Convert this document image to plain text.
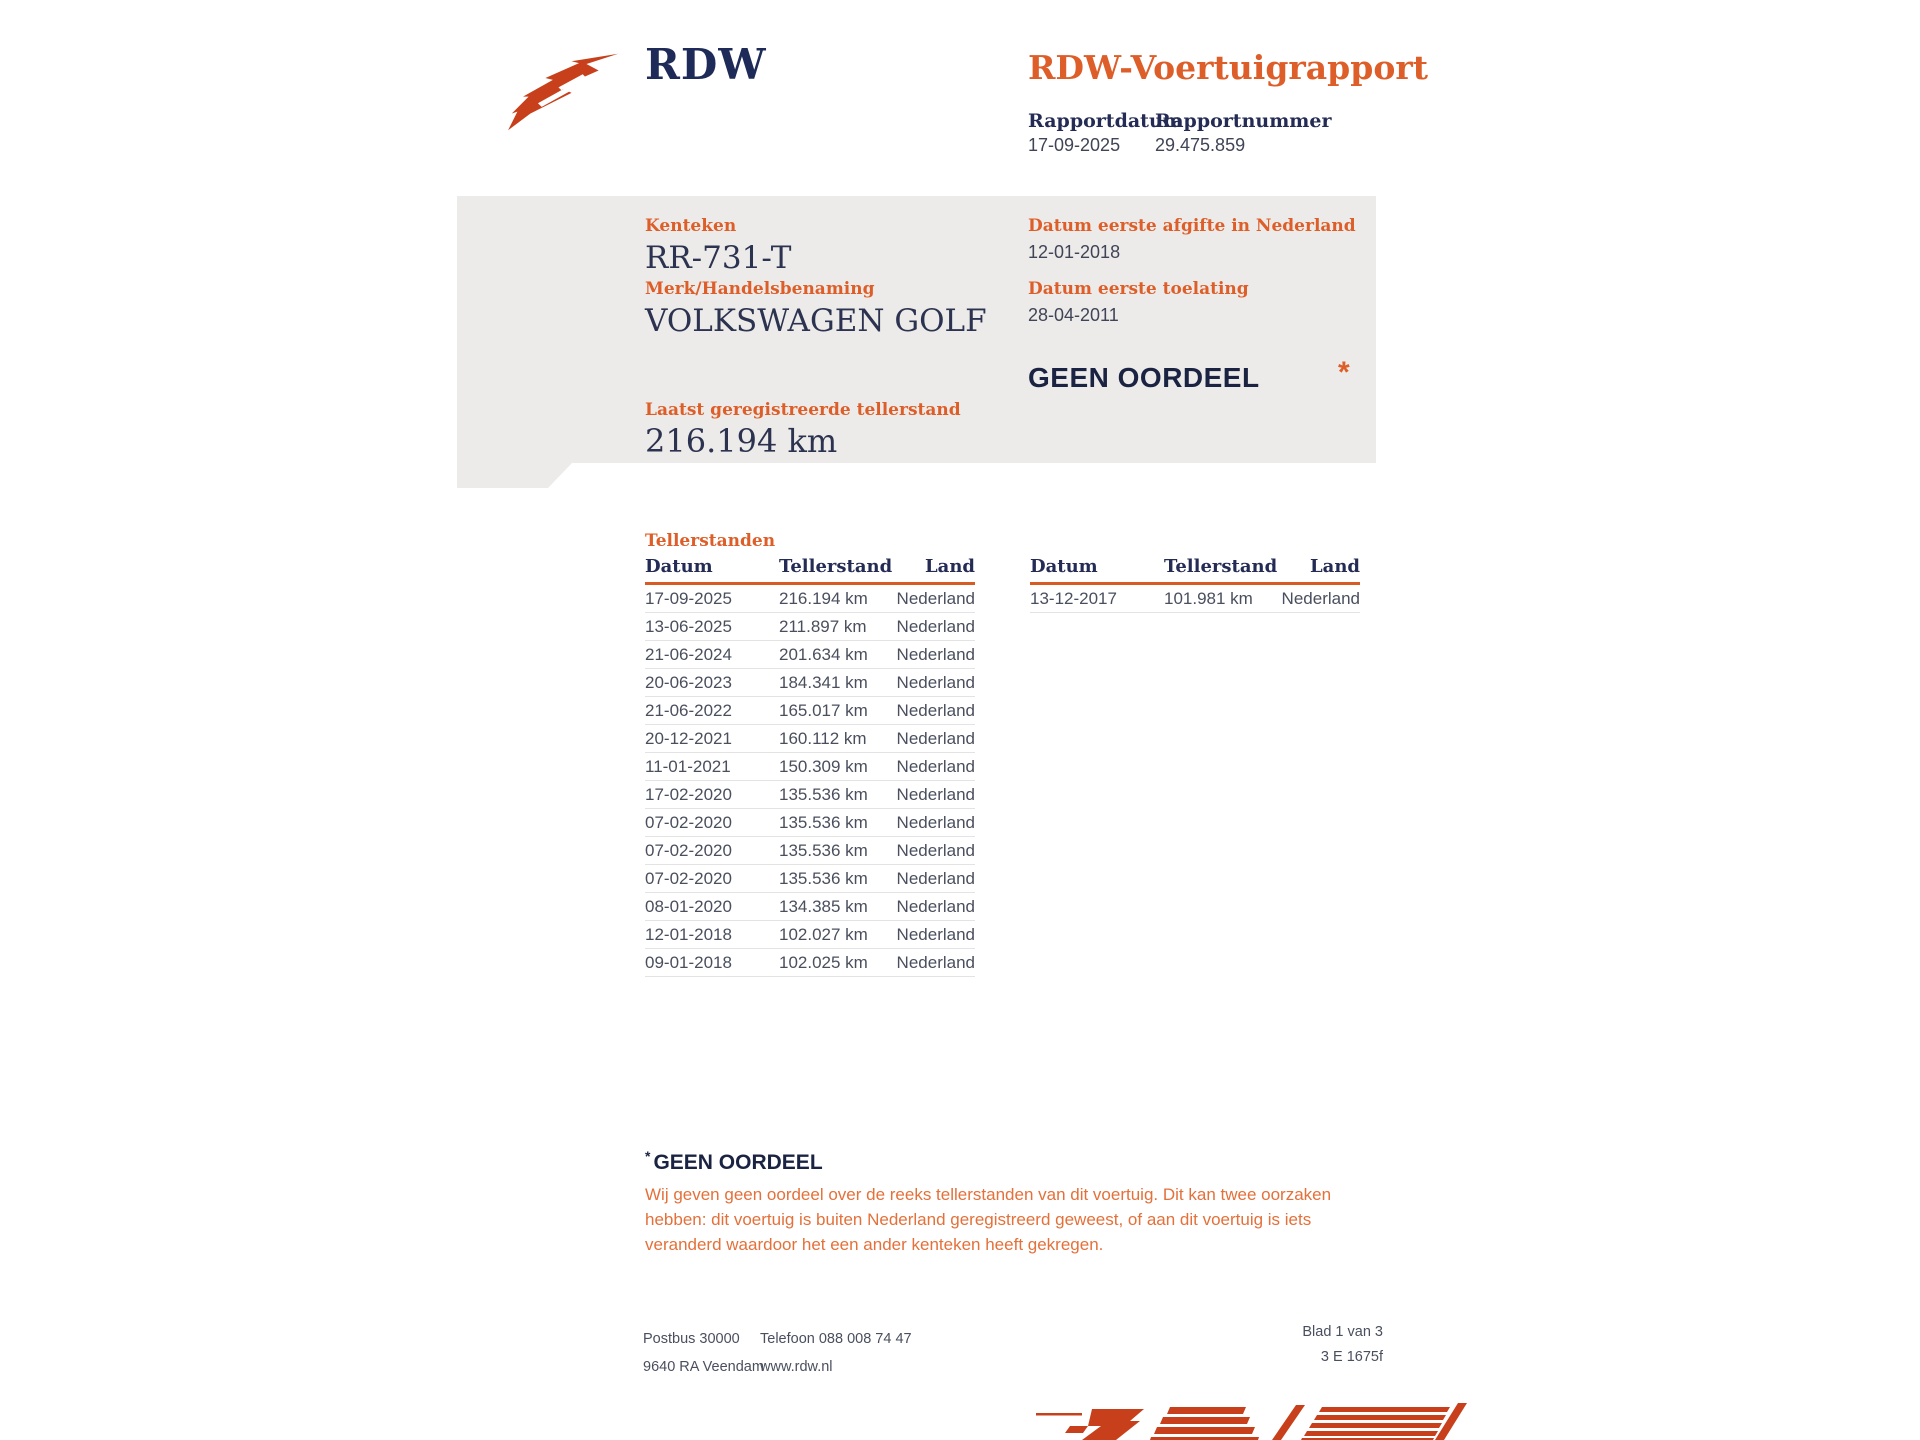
RDW	RDW-Voertuigrapport
Rapportdatum
Rapportnummer
17-09-2025 29.475.859
Kenteken
RR-731-T
Merk/Handelsbenaming
VOLKSWAGEN GOLF
Laatst geregistreerde tellerstand
216.194 km
Datum eerste afgifte in Nederland
12-01-2018
Datum eerste toelating
28-04-2011
GEEN OORDEEL	*
Tellerstanden
Datum	Tellerstand	Land
17-09-2025	216.194 km	Nederland
13-06-2025	211.897 km	Nederland
21-06-2024	201.634 km	Nederland
20-06-2023	184.341 km	Nederland
21-06-2022	165.017 km	Nederland
20-12-2021	160.112 km	Nederland
11-01-2021	150.309 km	Nederland
17-02-2020	135.536 km	Nederland
07-02-2020	135.536 km	Nederland
07-02-2020	135.536 km	Nederland
07-02-2020	135.536 km	Nederland
08-01-2020	134.385 km	Nederland
12-01-2018	102.027 km	Nederland
09-01-2018	102.025 km	Nederland
Datum	Tellerstand	Land
13-12-2017	101.981 km	Nederland
* GEEN OORDEEL
Wij geven geen oordeel over de reeks tellerstanden van dit voertuig. Dit kan twee oorzaken hebben: dit voertuig is buiten Nederland geregistreerd geweest, of aan dit voertuig is iets veranderd waardoor het een ander kenteken heeft gekregen.
Postbus 30000
9640 RA Veendam
Telefoon 088 008 74 47
www.rdw.nl
Blad 1 van 3
3 E 1675f
